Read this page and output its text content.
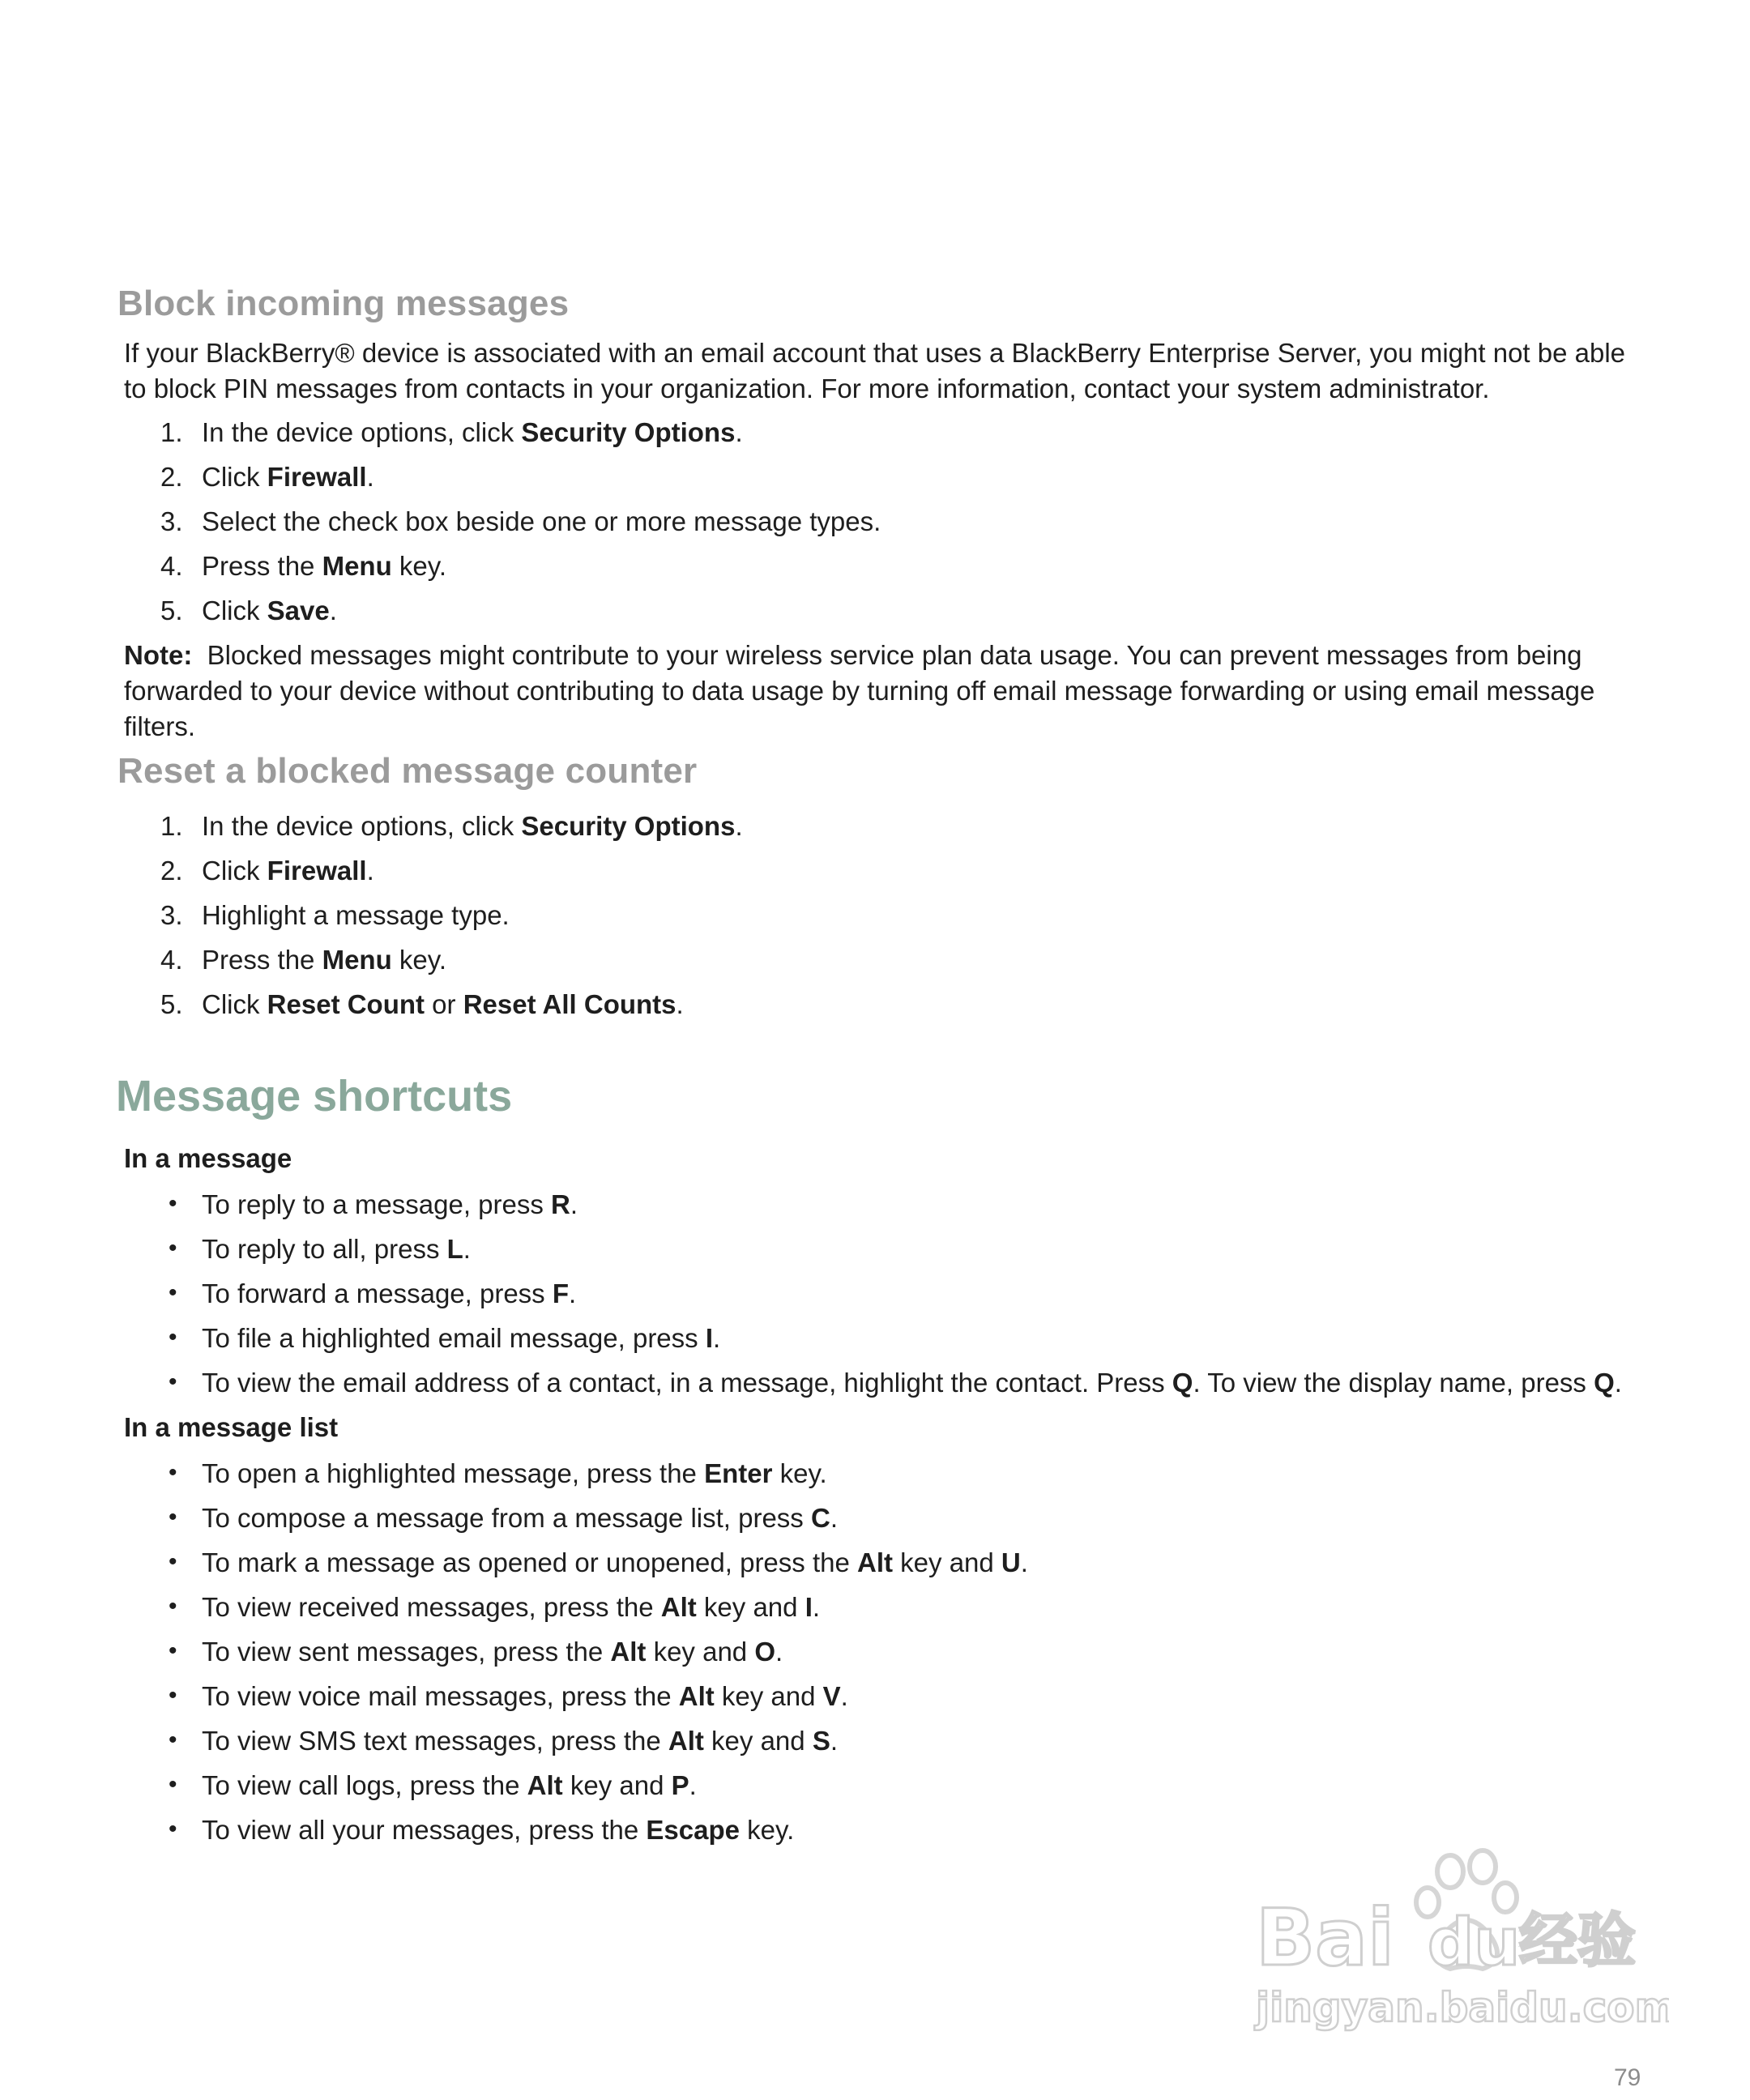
Block incoming messages

If your BlackBerry® device is associated with an email account that uses a BlackBerry Enterprise Server, you might not be able to block PIN messages from contacts in your organization. For more information, contact your system administrator.

1. In the device options, click Security Options.
2. Click Firewall.
3. Select the check box beside one or more message types.
4. Press the Menu key.
5. Click Save.

Note: Blocked messages might contribute to your wireless service plan data usage. You can prevent messages from being forwarded to your device without contributing to data usage by turning off email message forwarding or using email message filters.

Reset a blocked message counter
1. In the device options, click Security Options.
2. Click Firewall.
3. Highlight a message type.
4. Press the Menu key.
5. Click Reset Count or Reset All Counts.
Message shortcuts

In a message

• To reply to a message, press R.
• To reply to all, press L.
• To forward a message, press F.
• To file a highlighted email message, press I.
• To view the email address of a contact, in a message, highlight the contact. Press Q. To view the display name, press Q.

In a message list

• To open a highlighted message, press the Enter key.
• To compose a message from a message list, press C.
• To mark a message as opened or unopened, press the Alt key and U.
• To view received messages, press the Alt key and I.
• To view sent messages, press the Alt key and O.
• To view voice mail messages, press the Alt key and V.
• To view SMS text messages, press the Alt key and S.
• To view call logs, press the Alt key and P.
• To view all your messages, press the Escape key.
Bai du
经验
jingyan.baidu.com
79
